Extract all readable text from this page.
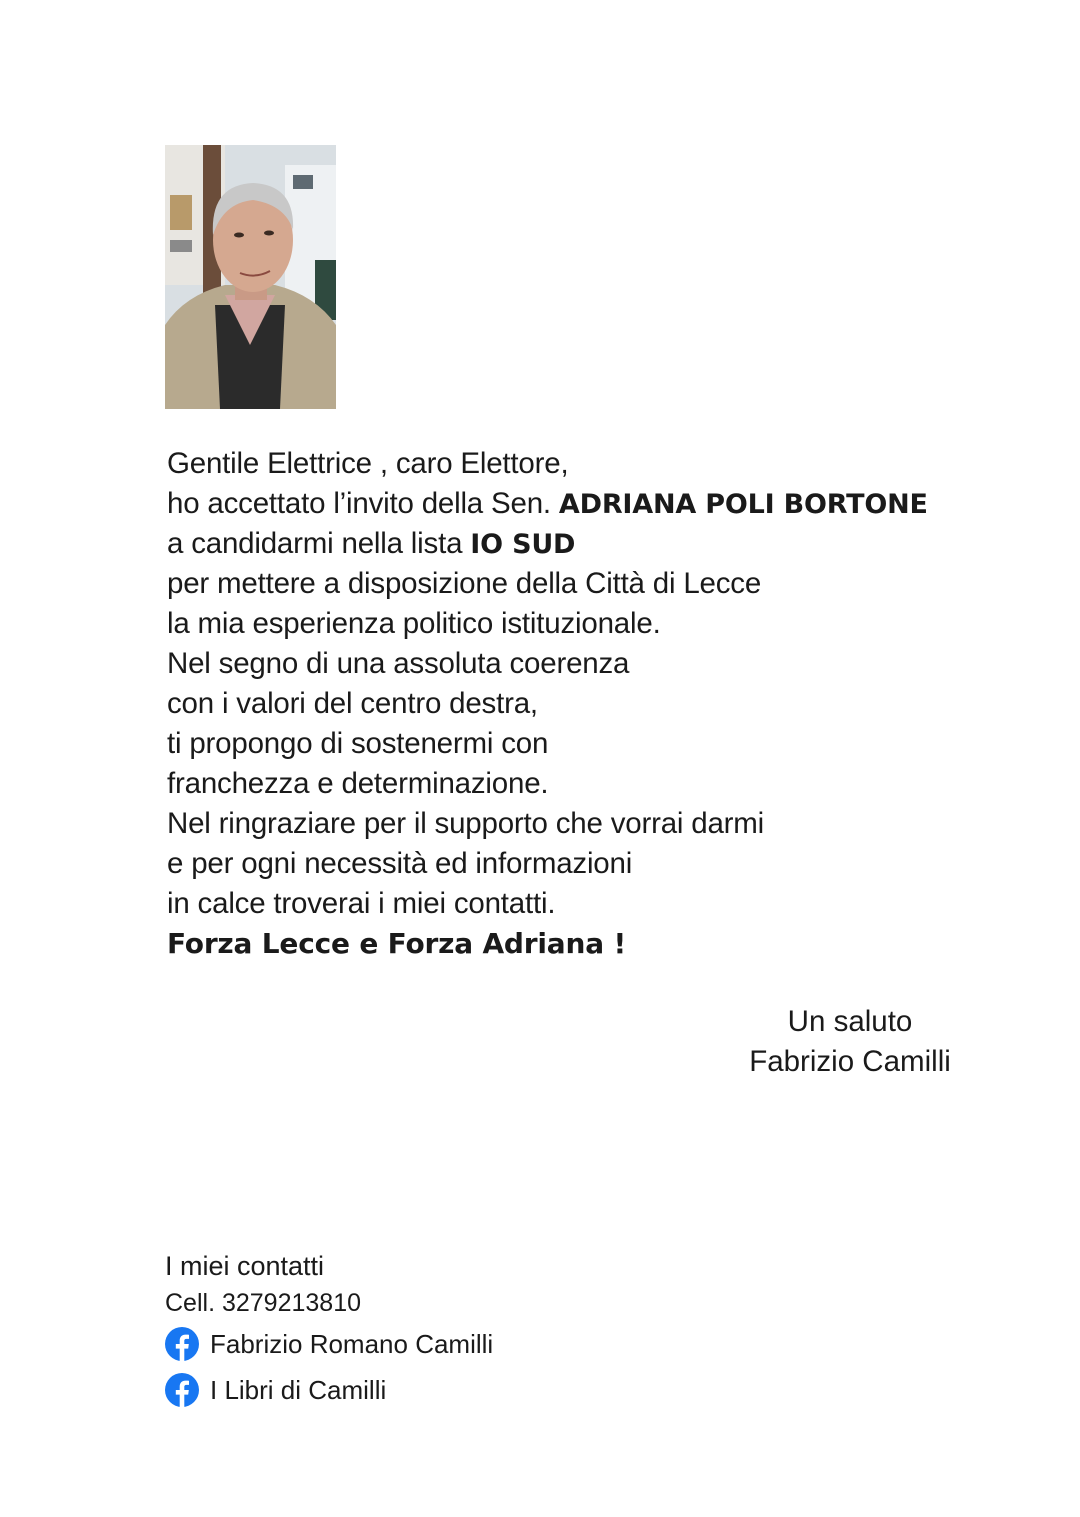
Gentile Elettrice , caro Elettore,
ho accettato l’invito della Sen. ADRIANA POLI BORTONE
a candidarmi nella lista IO SUD
per mettere a disposizione della Città di Lecce
la mia esperienza politico istituzionale.
Nel segno di una assoluta coerenza
con i valori del centro destra,
ti propongo di sostenermi con
franchezza e determinazione.
Nel ringraziare per il supporto che vorrai darmi
e per ogni necessità ed informazioni
in calce troverai i miei contatti.
Forza Lecce e Forza Adriana !
Un saluto
Fabrizio Camilli
I miei contatti
Cell. 3279213810
Fabrizio Romano Camilli
I Libri di Camilli
